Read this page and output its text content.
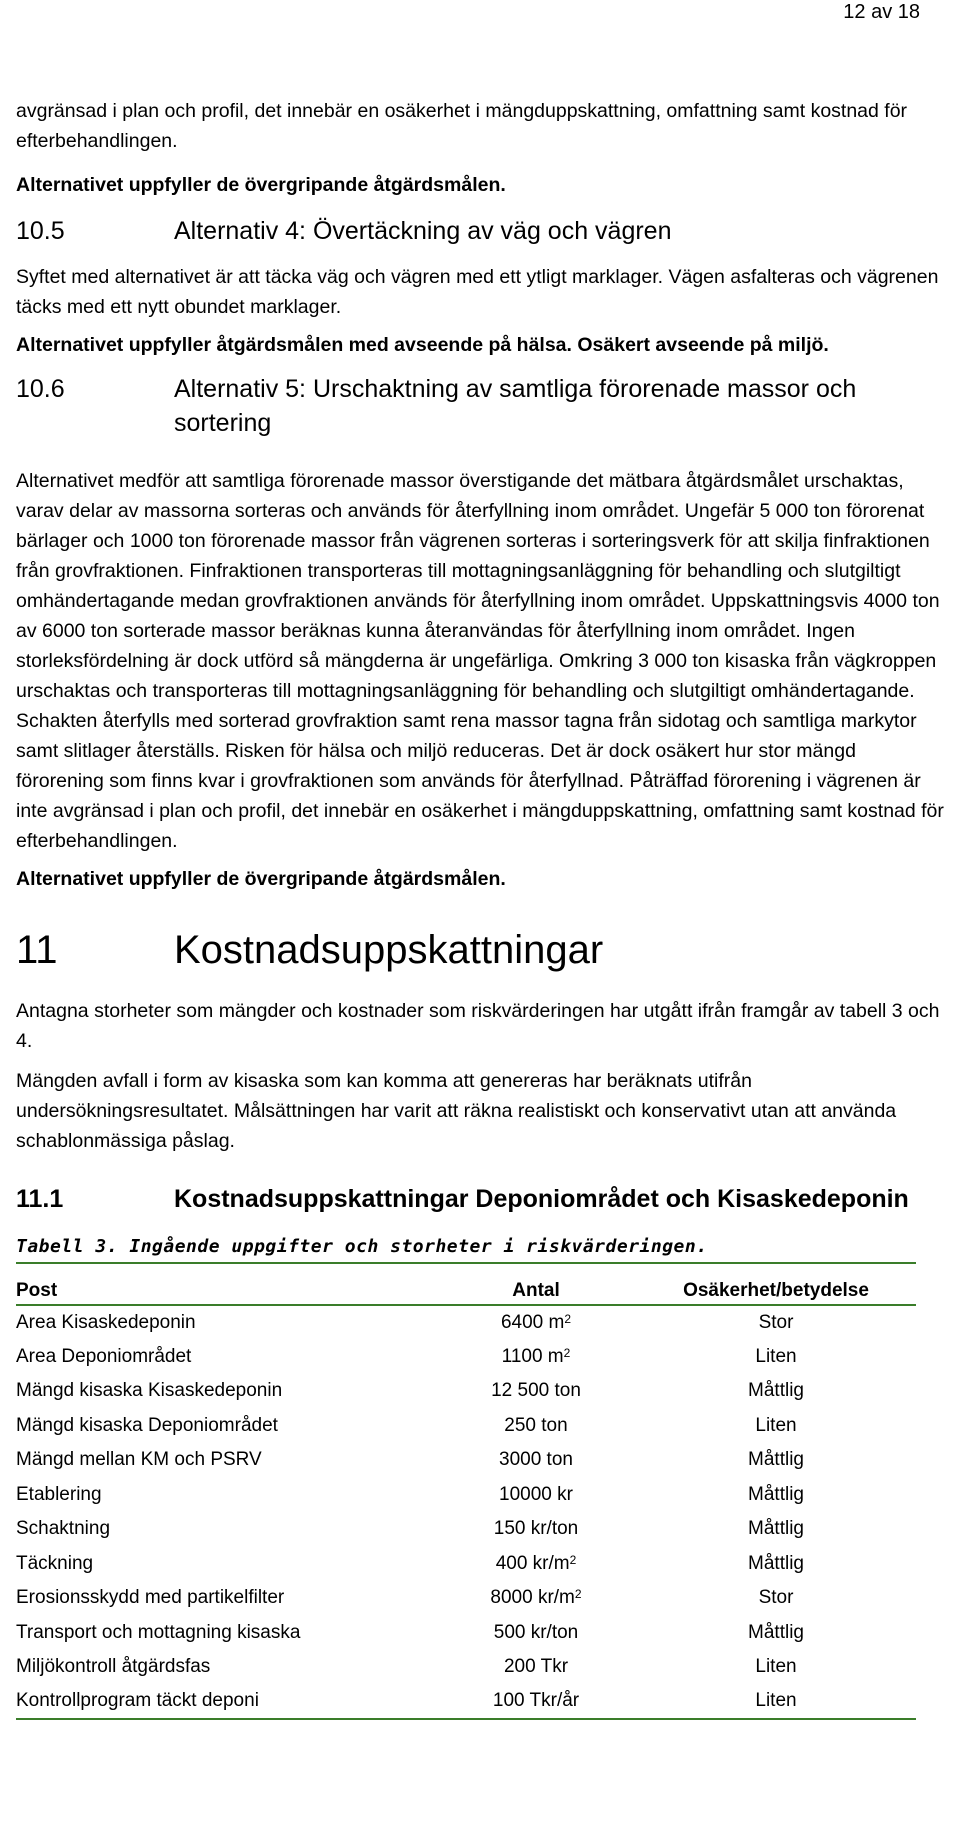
12 av 18

avgränsad i plan och profil, det innebär en osäkerhet i mängduppskattning, omfattning samt kostnad för efterbehandlingen.

Alternativet uppfyller de övergripande åtgärdsmålen.

10.5	Alternativ 4: Övertäckning av väg och vägren

Syftet med alternativet är att täcka väg och vägren med ett ytligt marklager. Vägen asfalteras och vägrenen täcks med ett nytt obundet marklager.

Alternativet uppfyller åtgärdsmålen med avseende på hälsa. Osäkert avseende på miljö.

10.6	Alternativ 5: Urschaktning av samtliga förorenade massor och sortering

Alternativet medför att samtliga förorenade massor överstigande det mätbara åtgärdsmålet urschaktas, varav delar av massorna sorteras och används för återfyllning inom området. Ungefär 5 000 ton förorenat bärlager och 1000 ton förorenade massor från vägrenen sorteras i sorteringsverk för att skilja finfraktionen från grovfraktionen. Finfraktionen transporteras till mottagningsanläggning för behandling och slutgiltigt omhändertagande medan grovfraktionen används för återfyllning inom området. Uppskattningsvis 4000 ton av 6000 ton sorterade massor beräknas kunna återanvändas för återfyllning inom området. Ingen storleksfördelning är dock utförd så mängderna är ungefärliga. Omkring 3 000 ton kisaska från vägkroppen urschaktas och transporteras till mottagningsanläggning för behandling och slutgiltigt omhändertagande. Schakten återfylls med sorterad grovfraktion samt rena massor tagna från sidotag och samtliga markytor samt slitlager återställs. Risken för hälsa och miljö reduceras. Det är dock osäkert hur stor mängd förorening som finns kvar i grovfraktionen som används för återfyllnad. Påträffad förorening i vägrenen är inte avgränsad i plan och profil, det innebär en osäkerhet i mängduppskattning, omfattning samt kostnad för efterbehandlingen.

Alternativet uppfyller de övergripande åtgärdsmålen.

11	Kostnadsuppskattningar

Antagna storheter som mängder och kostnader som riskvärderingen har utgått ifrån framgår av tabell 3 och 4.

Mängden avfall i form av kisaska som kan komma att genereras har beräknats utifrån undersökningsresultatet. Målsättningen har varit att räkna realistiskt och konservativt utan att använda schablonmässiga påslag.

11.1	Kostnadsuppskattningar Deponiområdet och Kisaskedeponin
Tabell 3. Ingående uppgifter och storheter i riskvärderingen.
Post	Antal	Osäkerhet/betydelse
Area Kisaskedeponin	6400 $m^2$	Stor
Area Deponiområdet	1100 $m^2$	Liten
Mängd kisaska Kisaskedeponin	12 500 ton	Måttlig
Mängd kisaska Deponiområdet	250 ton	Liten
Mängd mellan KM och PSRV	3000 ton	Måttlig
Etablering	10000 kr	Måttlig
Schaktning	150 kr/ton	Måttlig
Täckning	400 $kr/m^2$	Måttlig
Erosionsskydd med partikelfilter	8000 $kr/m^2$	Stor
Transport och mottagning kisaska	500 kr/ton	Måttlig
Miljökontroll åtgärdsfas	200 Tkr	Liten
Kontrollprogram täckt deponi	100 Tkr/år	Liten
